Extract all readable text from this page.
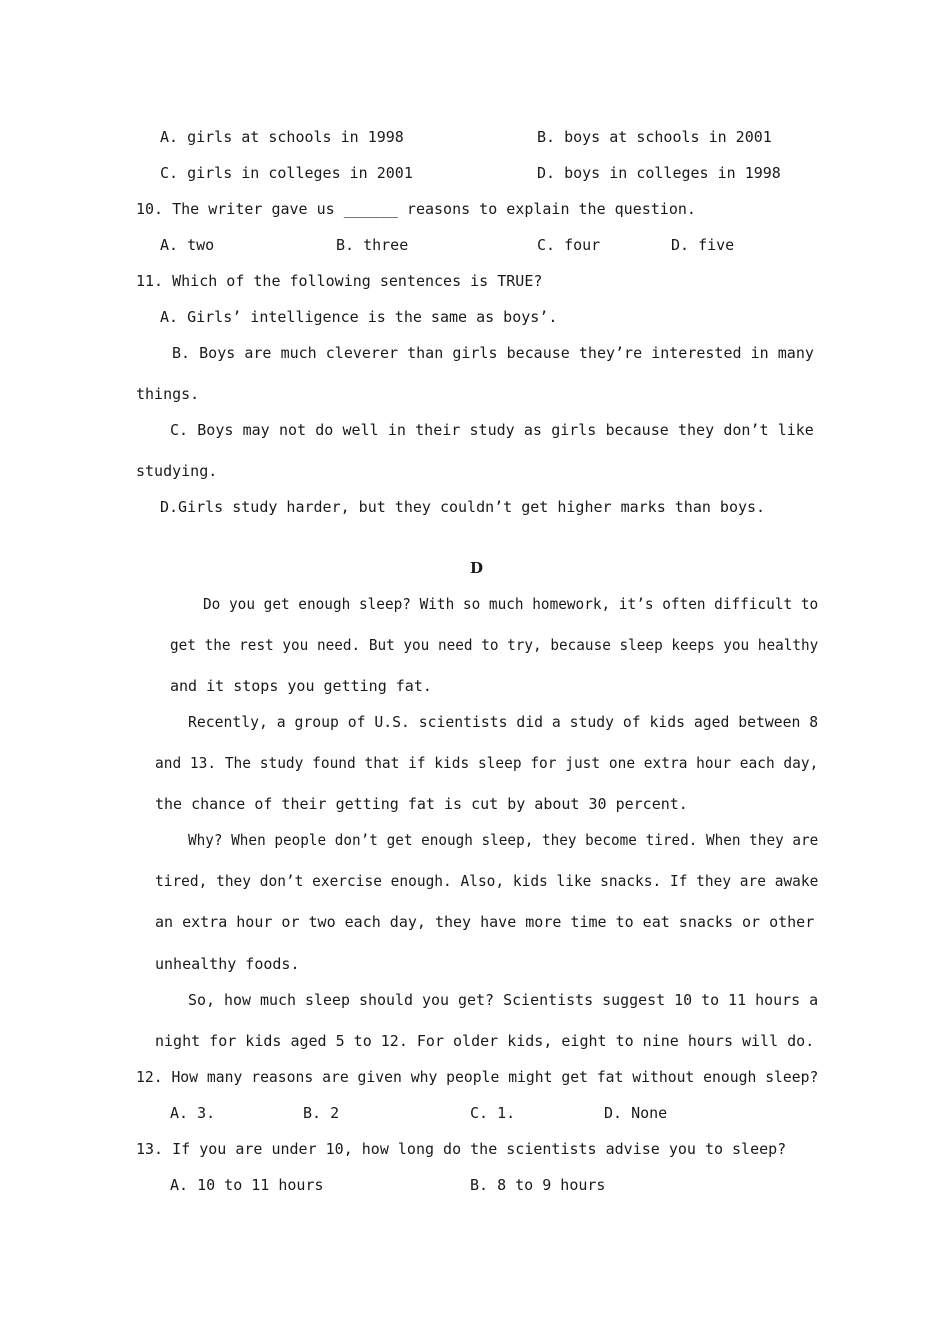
A. girls at schools in 1998	B. boys at schools in 2001
C. girls in colleges in 2001	D. boys in colleges in 1998
10. The writer gave us ______ reasons to explain the question.
A. two	B. three	C. four	D. five
11. Which of the following sentences is TRUE?
A. Girls’ intelligence is the same as boys’.
B. Boys are much cleverer than girls because they’re interested in many
things.
C. Boys may not do well in their study as girls because they don’t like
studying.
D.Girls study harder, but they couldn’t get higher marks than boys.
D
Do you get enough sleep? With so much homework, it’s often difficult to
get the rest you need. But you need to try, because sleep keeps you healthy
and it stops you getting fat.
Recently, a group of U.S. scientists did a study of kids aged between 8
and 13. The study found that if kids sleep for just one extra hour each day,
the chance of their getting fat is cut by about 30 percent.
Why? When people don’t get enough sleep, they become tired. When they are
tired, they don’t exercise enough. Also, kids like snacks. If they are awake
an extra hour or two each day, they have more time to eat snacks or other
unhealthy foods.
So, how much sleep should you get? Scientists suggest 10 to 11 hours a
night for kids aged 5 to 12. For older kids, eight to nine hours will do.
12. How many reasons are given why people might get fat without enough sleep?
A. 3.	B. 2	C. 1.	D. None
13. If you are under 10, how long do the scientists advise you to sleep?
A. 10 to 11 hours	B. 8 to 9 hours
